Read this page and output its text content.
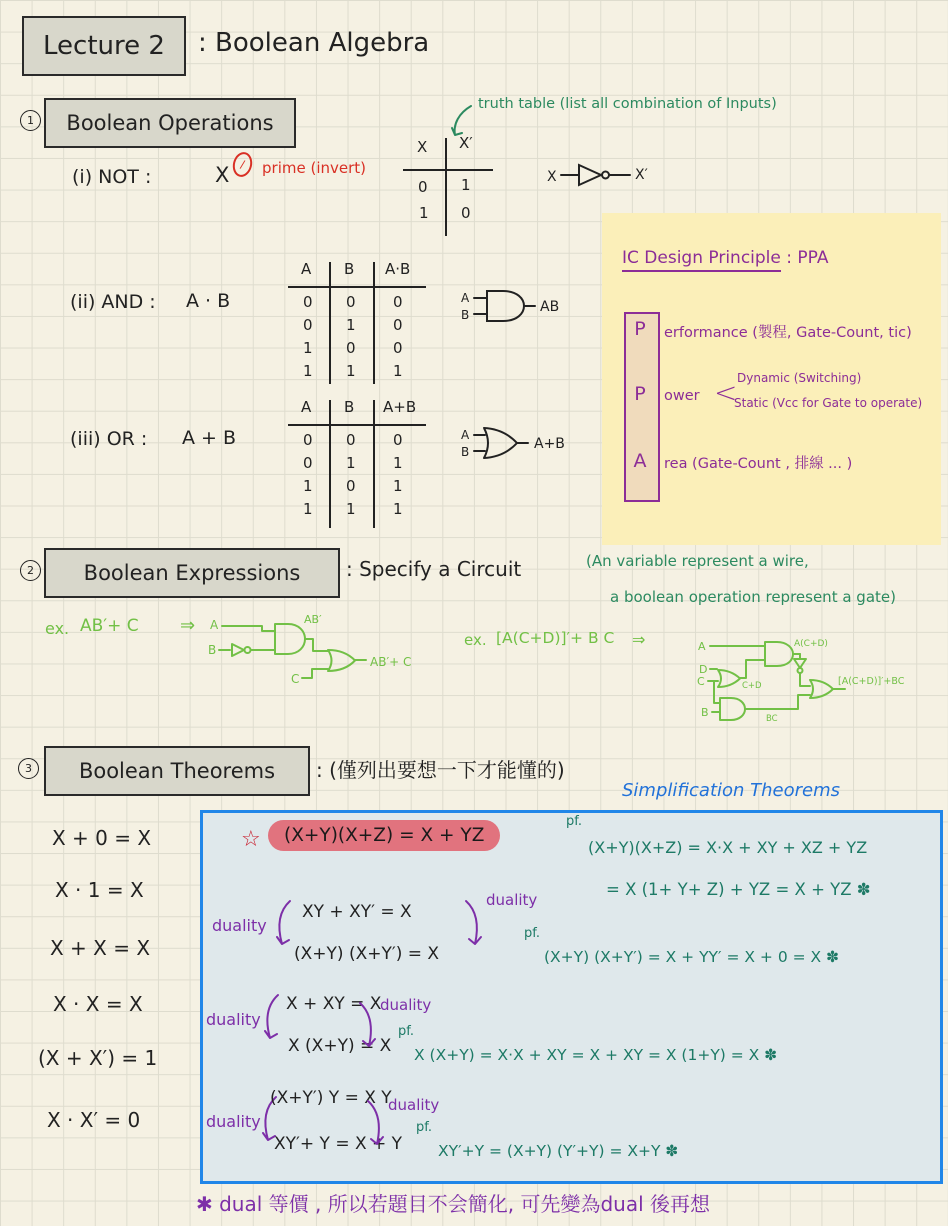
Lecture 2 : Boolean Algebra
1 Boolean Operations
truth table (list all combination of Inputs)
(i) NOT :	X ∕ prime (invert)
X X′
0 1
1 0
X	X′
(ii) AND : A · B
A B A·B
0 0 0
0 1 0
1 0 0
1 1 1
A
B	AB
(iii) OR : A + B
A B A+B
0 0 0
0 1 1
1 0 1
1 1 1
A
B	A+B
IC Design Principle : PPA
P	erformance (製程, Gate-Count, tic)
P	ower < Dynamic (Switching)
Static (Vcc for Gate to operate)
A	rea (Gate-Count , 排線 ... )
2 Boolean Expressions : Specify a Circuit	(An variable represent a wire,
a boolean operation represent a gate)
ex. AB′+ C ⇒ A
B
C
AB′
AB′+ C
ex. [A(C+D)]′+ B C ⇒	A
D
C
B
A(C+D)
C+D
BC
[A(C+D)]′+BC
3 Boolean Theorems : (僅列出要想一下才能懂的)
Simplification Theorems
X + 0 = X
X · 1 = X
X + X = X
X · X = X
(X + X′) = 1
X · X′ = 0
☆	(X+Y)(X+Z) = X + YZ
pf.
(X+Y)(X+Z) = X·X + XY + XZ + YZ
= X (1+ Y+ Z) + YZ = X + YZ ✽
duality
XY + XY′ = X
(X+Y) (X+Y′) = X
duality
pf.
(X+Y) (X+Y′) = X + YY′ = X + 0 = X ✽
duality
X + XY = X
X (X+Y) = X
duality
pf.
X (X+Y) = X·X + XY = X + XY = X (1+Y) = X ✽
duality
(X+Y′) Y = X Y
XY′+ Y = X + Y
duality
pf.
XY′+Y = (X+Y) (Y′+Y) = X+Y ✽
✱ dual 等價 , 所以若題目不会簡化, 可先變為dual 後再想
